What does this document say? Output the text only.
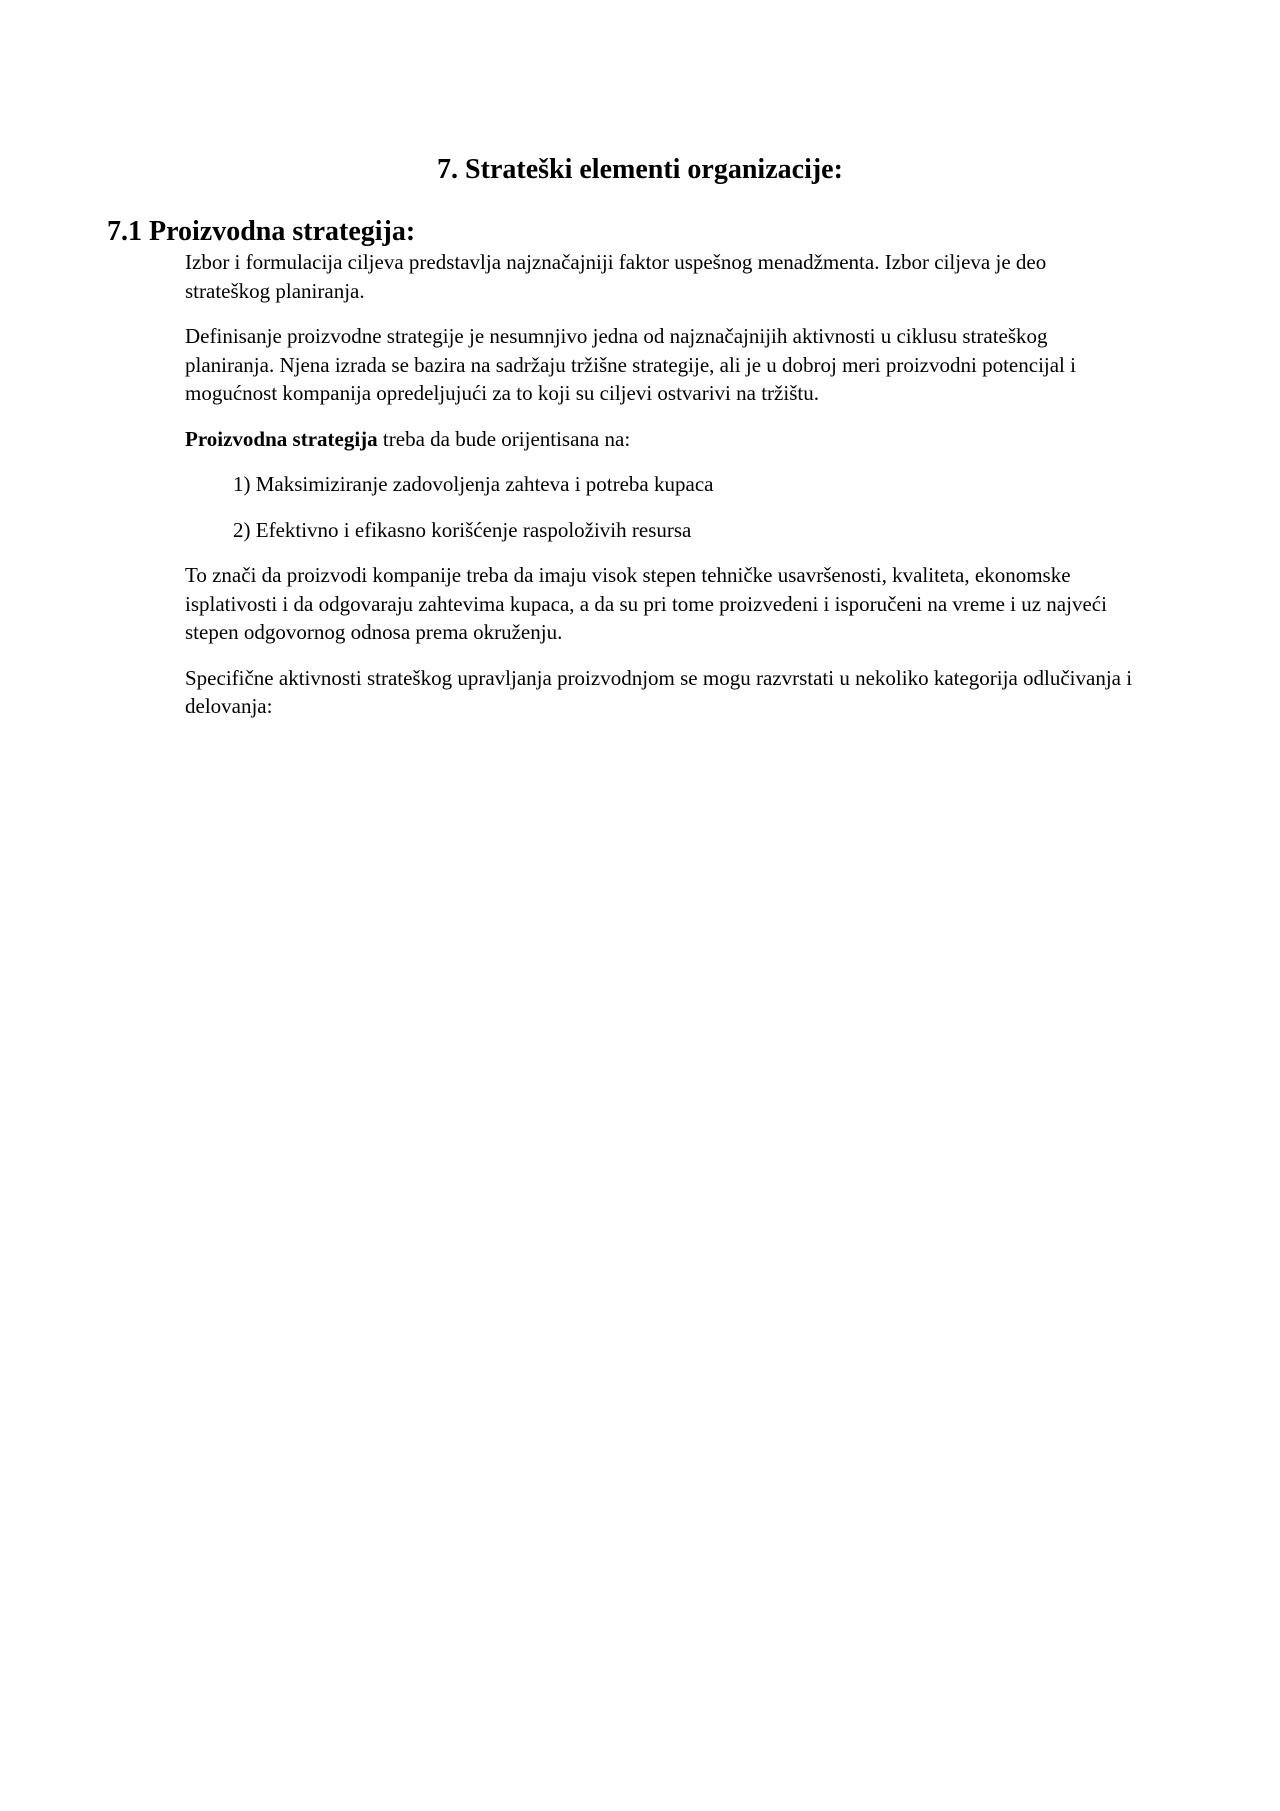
7. Strateški elementi organizacije:
7.1 Proizvodna strategija:

Izbor i formulacija ciljeva predstavlja najznačajniji faktor uspešnog menadžmenta. Izbor ciljeva je deo strateškog planiranja.

Definisanje proizvodne strategije je nesumnjivo jedna od najznačajnijih aktivnosti u ciklusu strateškog planiranja. Njena izrada se bazira na sadržaju tržišne strategije, ali je u dobroj meri proizvodni potencijal i mogućnost kompanija opredeljujući za to koji su ciljevi ostvarivi na tržištu.

Proizvodna strategija treba da bude orijentisana na:

1) Maksimiziranje zadovoljenja zahteva i potreba kupaca

2) Efektivno i efikasno korišćenje raspoloživih resursa

To znači da proizvodi kompanije treba da imaju visok stepen tehničke usavršenosti, kvaliteta, ekonomske isplativosti i da odgovaraju zahtevima kupaca, a da su pri tome proizvedeni i isporučeni na vreme i uz najveći stepen odgovornog odnosa prema okruženju.

Specifične aktivnosti strateškog upravljanja proizvodnjom se mogu razvrstati u nekoliko kategorija odlučivanja i delovanja:
